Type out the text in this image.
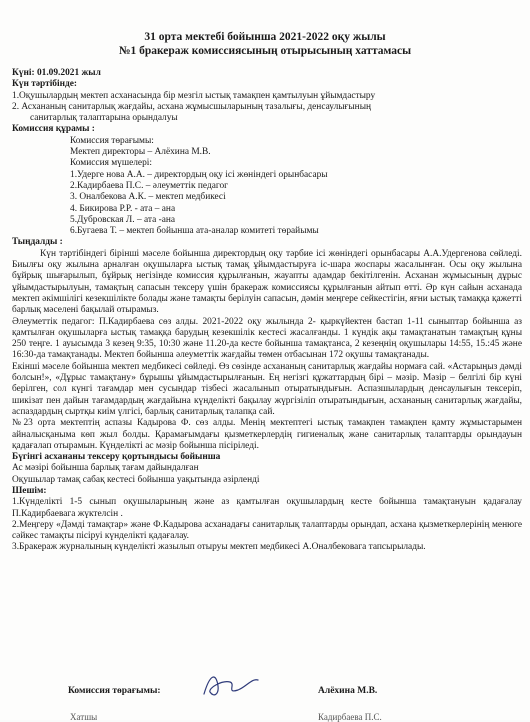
31 орта мектебі бойынша 2021-2022 оқу жылы
№1 бракераж комиссиясының отырысының хаттамасы

Күні: 01.09.2021 жыл

Күн тәртібінде:

1.Оқушылардың мектеп асханасында бір мезгіл ыстық тамақпен қамтылуын ұйымдастыру

2. Асхананың санитарлық жағдайы, асхана жұмысшыларының тазалығы, денсаулығының

санитарлық талаптарына орындалуы

Комиссия құрамы :

Комиссия төрағымы:

Мектеп директоры – Алёхина М.В.

Комиссия мүшелері:

1.Удерге нова А.А. – директордың оқу ісі жөніндегі орынбасары

2.Кадирбаева П.С. – әлеуметтік педагог

3. Оналбекова А.К. – мектеп медбикесі

4. Бикирова Р.Р. - ата – ана

5.Дубровская Л. – ата -ана

6.Бугаева Т. – мектеп бойынша ата-аналар комитеті төрайымы

Тыңдалды :

Күн тәртібіндегі бірінші мәселе бойынша директордың оқу тәрбие ісі жөніндегі орынбасары А.А.Удергенова сөйледі. Биылғы оқу жылына арналған оқушыларға ыстық тамақ ұйымдастыруға іс-шара жоспары жасалынған. Осы оқу жылына бұйрық шығарылып, бұйрық негізінде комиссия құрылғанын, жауапты адамдар бекітілгенін. Асханан жұмысының дұрыс ұйымдастырылуын, тамақтың сапасын тексеру үшін бракераж комиссиясы құрылғанын айтып өтті. Әр күн сайын асханада мектеп әкімшілігі кезекшілікте болады және тамақты берілуін сапасын, дәмін меңгере сейкестігін, яғни ыстық тамаққа қажетті барлық мәселені бақылай отырамыз.

Әлеуметтік педагог: П.Кадирбаева сөз алды. 2021-2022 оқу жылында 2- қыркүйектен бастап 1-11 сыныптар бойынша аз қамтылған оқушыларға ыстық тамаққа барудың кезекшілік кестесі жасалғанды. 1 күндік ақы тамақтанатын тамақтың құны 250 теңге. 1 ауысымда 3 кезең 9:35, 10:30 және 11.20-да кесте бойынша тамақтанса, 2 кезеңнің оқушылары 14:55, 15.:45 және 16:30-да тамақтанады. Мектеп бойынша әлеуметтік жағдайы төмен отбасынан 172 оқушы тамақтанады.

Екінші мәселе бойынша мектеп медбикесі сөйледі. Өз сөзінде асхананың санитарлық жағдайы нормаға сай. «Астарыңыз дәмді болсын!», «Дұрыс тамақтану» бұрышы ұйымдастырылғанын. Ең негізгі құжаттардың бірі – мәзір. Мәзір – белгілі бір күні берілген, сол күнгі тағамдар мен сусындар тізбесі жасалынып отыратындығын. Аспазшылардың денсаулығын тексеріп, шикізат пен дайын тағамдардың жағдайына күнделікті бақылау жүргізіліп отыратындығын, асхананың санитарлық жағдайы, аспаздардың сыртқы киім үлгісі, барлық санитарлық талапқа сай.

№23 орта мектептің аспазы Кадырова Ф. сөз алды. Менің мектептегі ыстық тамақпен тамақпен қамту жұмыстарымен айналысқаныма көп жыл болды. Қарамағымдағы қызметкерлердің гигиеналық және санитарлық талаптарды орындауын қадағалап отырамын. Күнделікті ас мәзір бойынша пісіріледі.

Бүгінгі асхананы тексеру қортындысы бойынша

Ас мәзірі бойынша барлық тағам дайындалған

Оқушылар тамақ сабақ кестесі бойынша уақытында әзірленді

Шешім:

1.Күнделікті 1-5 сынып оқушыларының және аз қамтылған оқушылардың кесте бойынша тамақтануын қадағалау П.Кадирбаевага жүктелсін .

2.Меңгеру «Дәмді тамақтар» және Ф.Кадырова асханадағы санитарлық талаптарды орындап, асхана қызметкерлерінің менюге сәйкес тамақты пісіруі күнделікті қадағалау.

3.Бракераж журналының күнделікті жазылып отыруы мектеп медбикесі А.Оналбековага тапсырылады.

Комиссия төрағымы:	Алёхина М.В.
Хатшы	Кадирбаева П.С.
